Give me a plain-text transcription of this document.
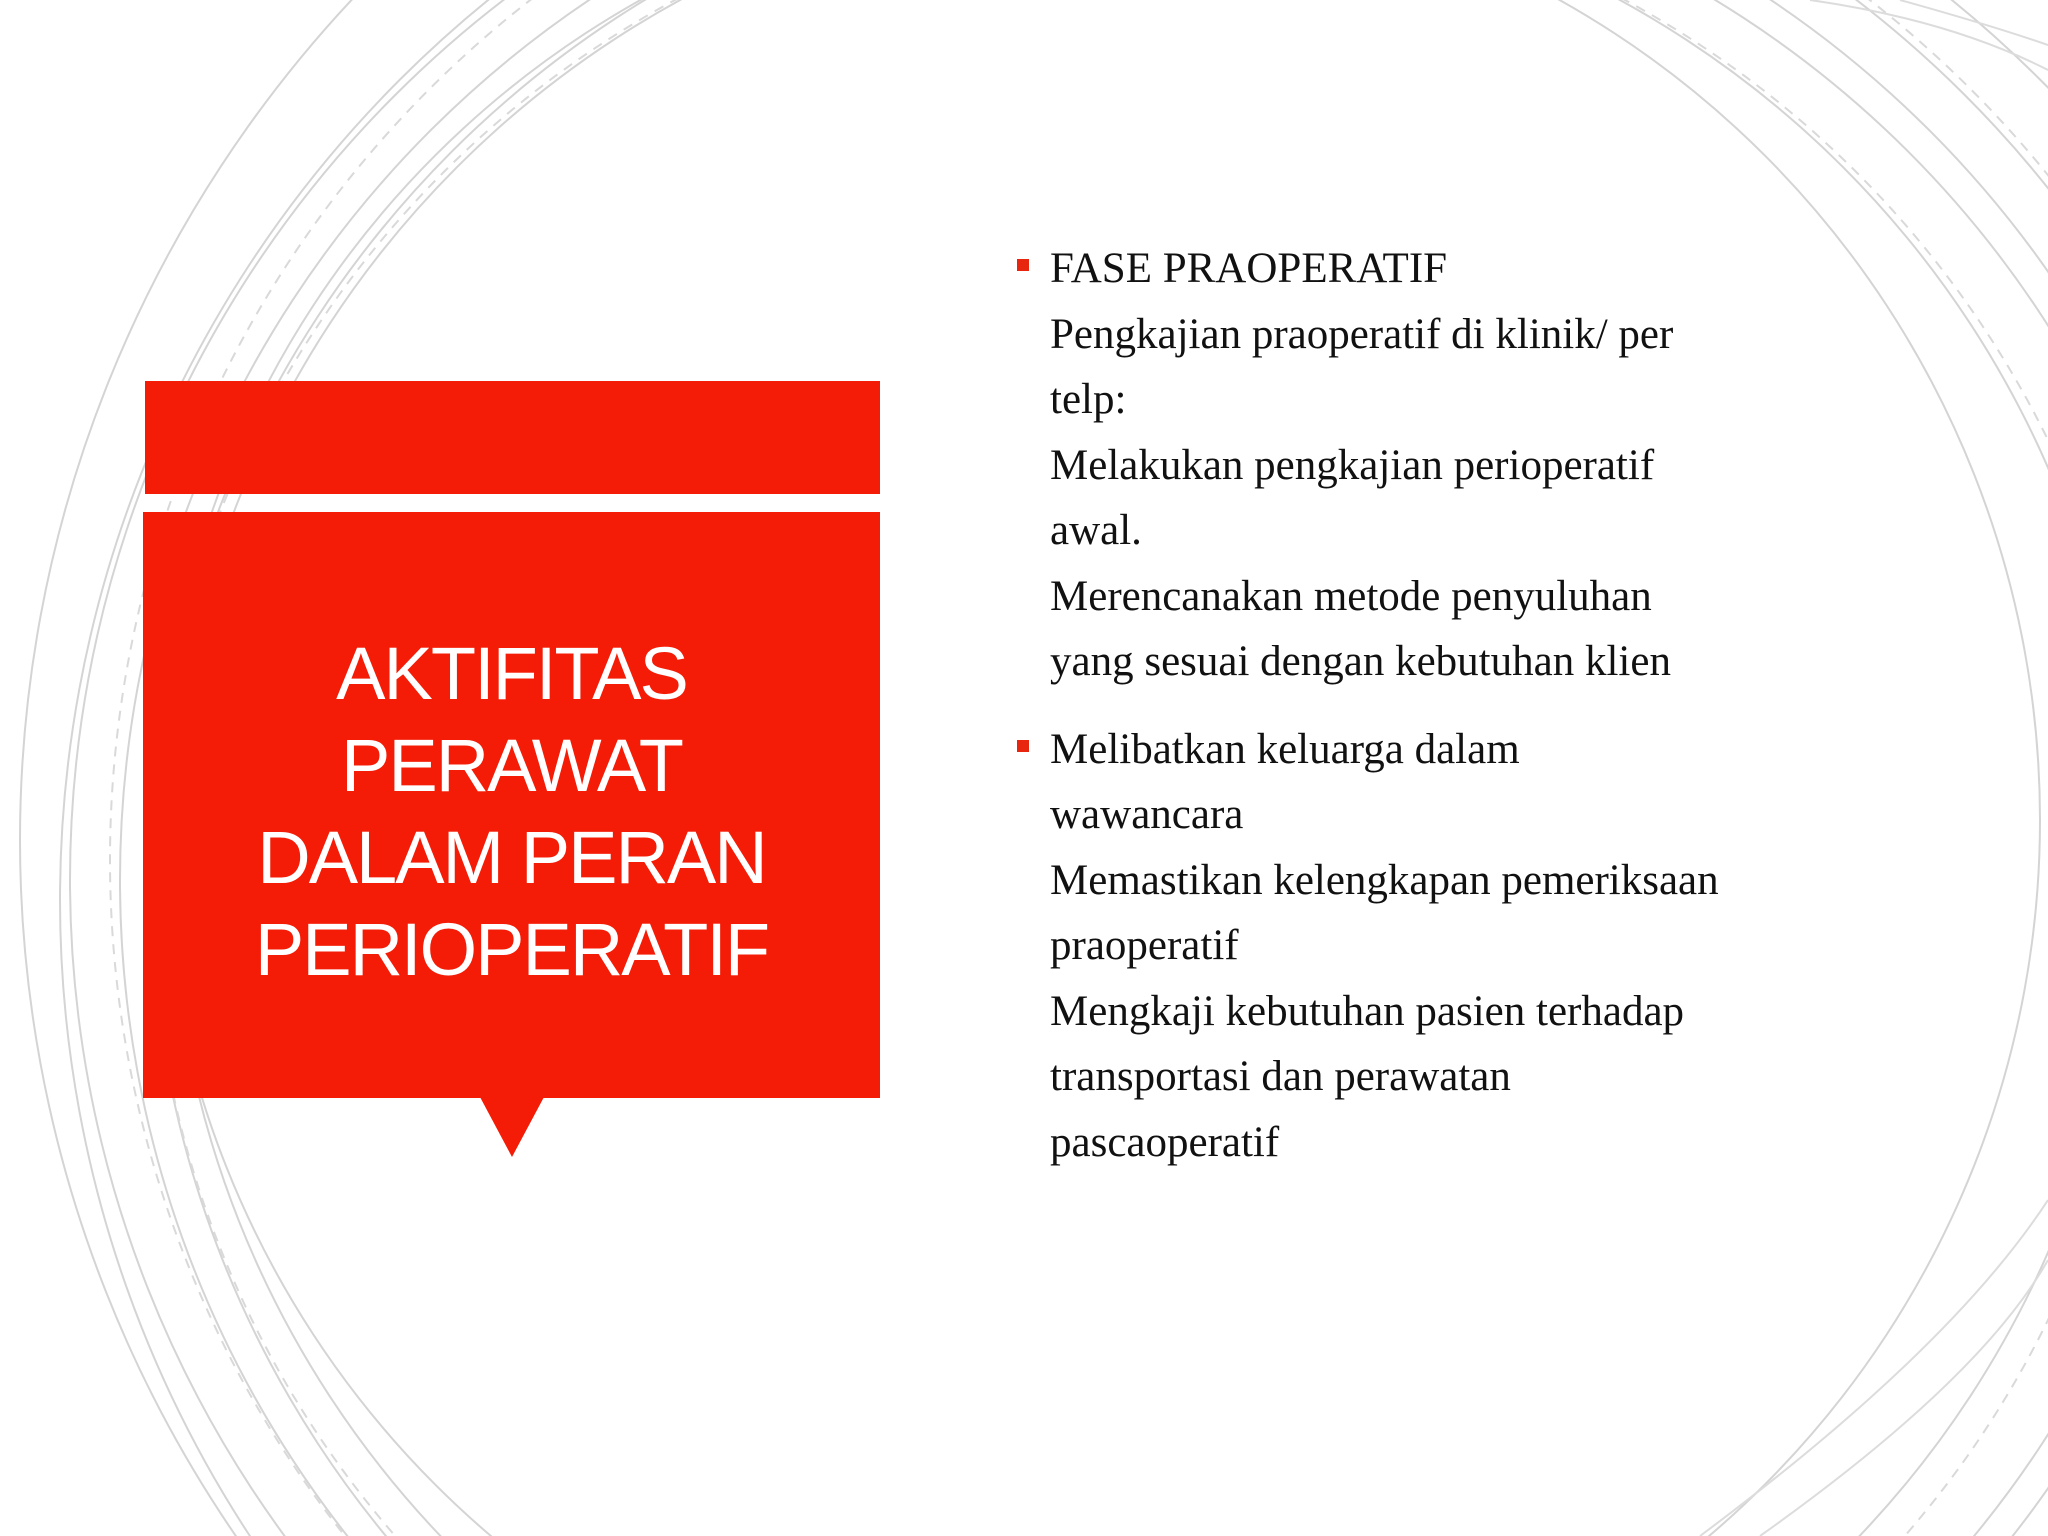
AKTIFITAS
PERAWAT
DALAM PERAN
PERIOPERATIF
FASE PRAOPERATIF
Pengkajian praoperatif di klinik/ per
telp:
Melakukan pengkajian perioperatif
awal.
Merencanakan metode penyuluhan
yang sesuai dengan kebutuhan klien
Melibatkan keluarga dalam
wawancara
Memastikan kelengkapan pemeriksaan
praoperatif
Mengkaji kebutuhan pasien terhadap
transportasi dan perawatan
pascaoperatif
